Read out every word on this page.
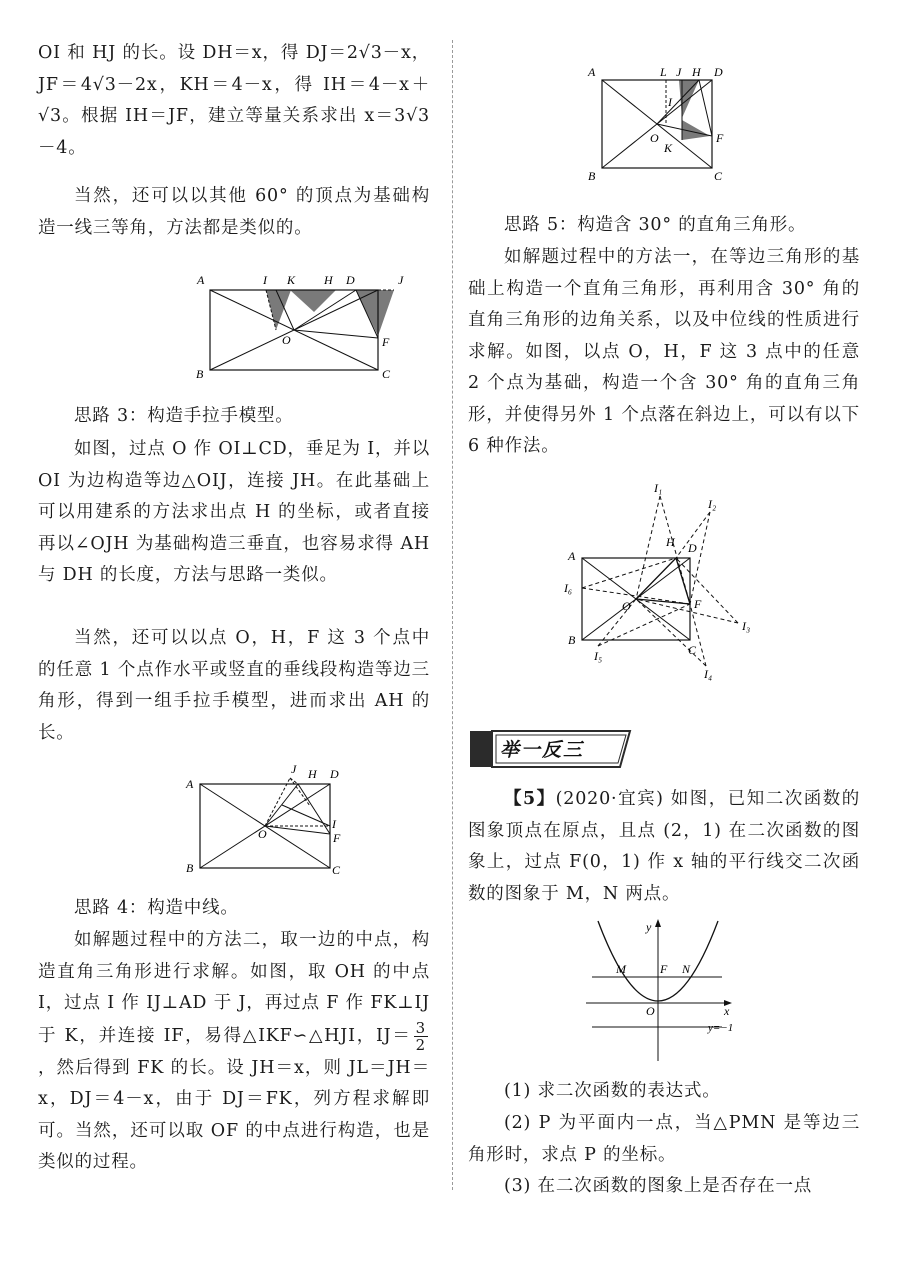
OI 和 HJ 的长。设 DH＝x，得 DJ＝2√3－x，JF＝4√3－2x，KH＝4－x，得 IH＝4－x＋√3。根据 IH＝JF，建立等量关系求出 x＝3√3－4。

当然，还可以以其他 60° 的顶点为基础构造一线三等角，方法都是类似的。

A	I K H D	J
O	F
B	C

思路 3：构造手拉手模型。

如图，过点 O 作 OI⊥CD，垂足为 I，并以 OI 为边构造等边△OIJ，连接 JH。在此基础上可以用建系的方法求出点 H 的坐标，或者直接再以∠OJH 为基础构造三垂直，也容易求得 AH 与 DH 的长度，方法与思路一类似。

当然，还可以以点 O，H，F 这 3 个点中的任意 1 个点作水平或竖直的垂线段构造等边三角形，得到一组手拉手模型，进而求出 AH 的长。

A
J H D
O
I
F
B	C

思路 4：构造中线。

如解题过程中的方法二，取一边的中点，构造直角三角形进行求解。如图，取 OH 的中点 I，过点 I 作 IJ⊥AD 于 J，再过点 F 作 FK⊥IJ 于 K，并连接 IF，易得△IKF∽△HJI，$IJ= \frac{3}{2}$
，然后得到 FK 的长。设 JH＝x，则 JL＝JH＝x，DJ＝4－x，由于 DJ＝FK，列方程求解即可。当然，还可以取 OF 的中点进行构造，也是类似的过程。
A	L J H D
I
O
K
F
B	C

思路 5：构造含 30° 的直角三角形。

如解题过程中的方法一，在等边三角形的基础上构造一个直角三角形，再利用含 30° 角的直角三角形的边角关系，以及中位线的性质进行求解。如图，以点 O，H，F 这 3 点中的任意 2 个点为基础，构造一个含 30° 角的直角三角形，并使得另外 1 个点落在斜边上，可以有以下 6 种作法。

I₁
I₂
A
H D
I₆
O	F
I₃
B
C
I₅
I₄
举一反三
【5】(2020·宜宾) 如图，已知二次函数的图象顶点在原点，且点 (2，1) 在二次函数的图象上，过点 F(0，1) 作 x 轴的平行线交二次函数的图象于 M，N 两点。
y
M	F N
O	x
y=−1

(1) 求二次函数的表达式。

(2) P 为平面内一点，当△PMN 是等边三角形时，求点 P 的坐标。

(3) 在二次函数的图象上是否存在一点
